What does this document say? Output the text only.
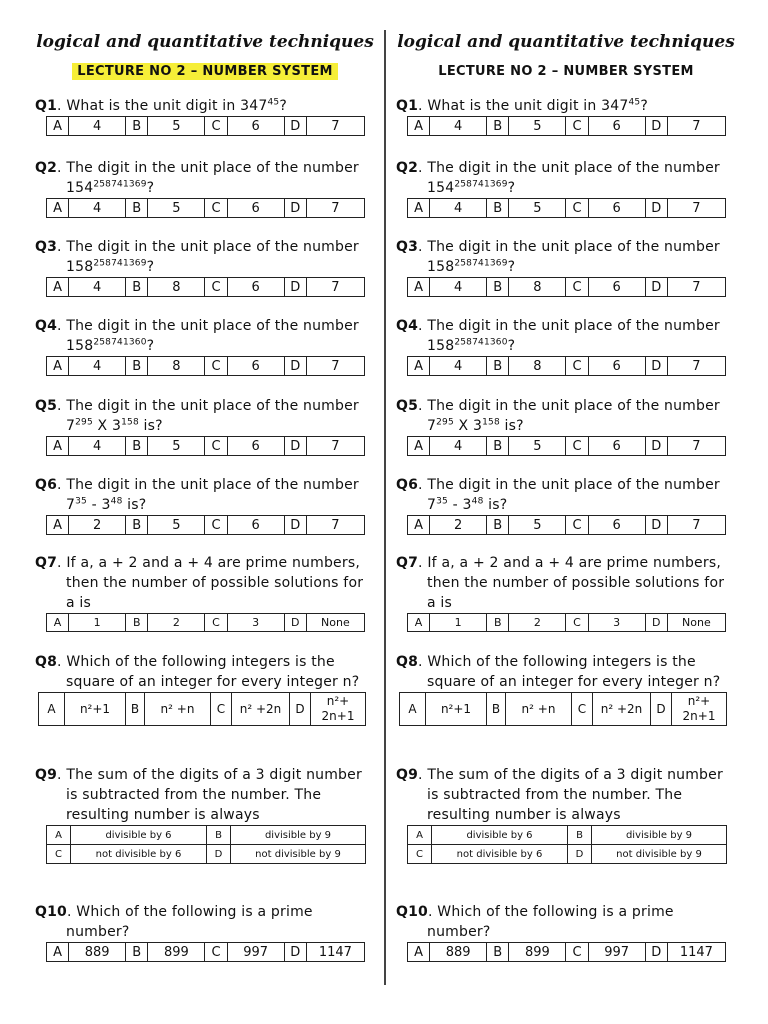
logical and quantitative techniques
LECTURE NO 2 – NUMBER SYSTEM

Q1. What is the unit digit in $347^{45}$?

A	4	B	5	C	6	D	7

Q2. The digit in the unit place of the number $154^{258741369}$?

A	4	B	5	C	6	D	7

Q3. The digit in the unit place of the number $158^{258741369}$?

A	4	B	8	C	6	D	7

Q4. The digit in the unit place of the number $158^{258741360}$?

A	4	B	8	C	6	D	7

Q5. The digit in the unit place of the number $7^{295}$ X $3^{158}$ is?

A	4	B	5	C	6	D	7

Q6. The digit in the unit place of the number $7^{35} - 3^{48}$ is?

A	2	B	5	C	6	D	7

Q7. If a, a + 2 and a + 4 are prime numbers, then the number of possible solutions for a is

A	1	B	2	C	3	D	None

Q8. Which of the following integers is the square of an integer for every integer n?

A	n²+1	B	n² +n	C	n² +2n	D	n²+ 2n+1

Q9. The sum of the digits of a 3 digit number is subtracted from the number. The resulting number is always

A	divisible by 6	B	divisible by 9
C	not divisible by 6	D	not divisible by 9

Q10. Which of the following is a prime number?

A	889	B	899	C	997	D	1147
logical and quantitative techniques
LECTURE NO 2 – NUMBER SYSTEM

Q1. What is the unit digit in $347^{45}$?

A	4	B	5	C	6	D	7

Q2. The digit in the unit place of the number $154^{258741369}$?

A	4	B	5	C	6	D	7

Q3. The digit in the unit place of the number $158^{258741369}$?

A	4	B	8	C	6	D	7

Q4. The digit in the unit place of the number $158^{258741360}$?

A	4	B	8	C	6	D	7

Q5. The digit in the unit place of the number $7^{295}$ X $3^{158}$ is?

A	4	B	5	C	6	D	7

Q6. The digit in the unit place of the number $7^{35} - 3^{48}$ is?

A	2	B	5	C	6	D	7

Q7. If a, a + 2 and a + 4 are prime numbers, then the number of possible solutions for a is

A	1	B	2	C	3	D	None

Q8. Which of the following integers is the square of an integer for every integer n?

A	n²+1	B	n² +n	C	n² +2n	D	n²+ 2n+1

Q9. The sum of the digits of a 3 digit number is subtracted from the number. The resulting number is always

A	divisible by 6	B	divisible by 9
C	not divisible by 6	D	not divisible by 9

Q10. Which of the following is a prime number?

A	889	B	899	C	997	D	1147
